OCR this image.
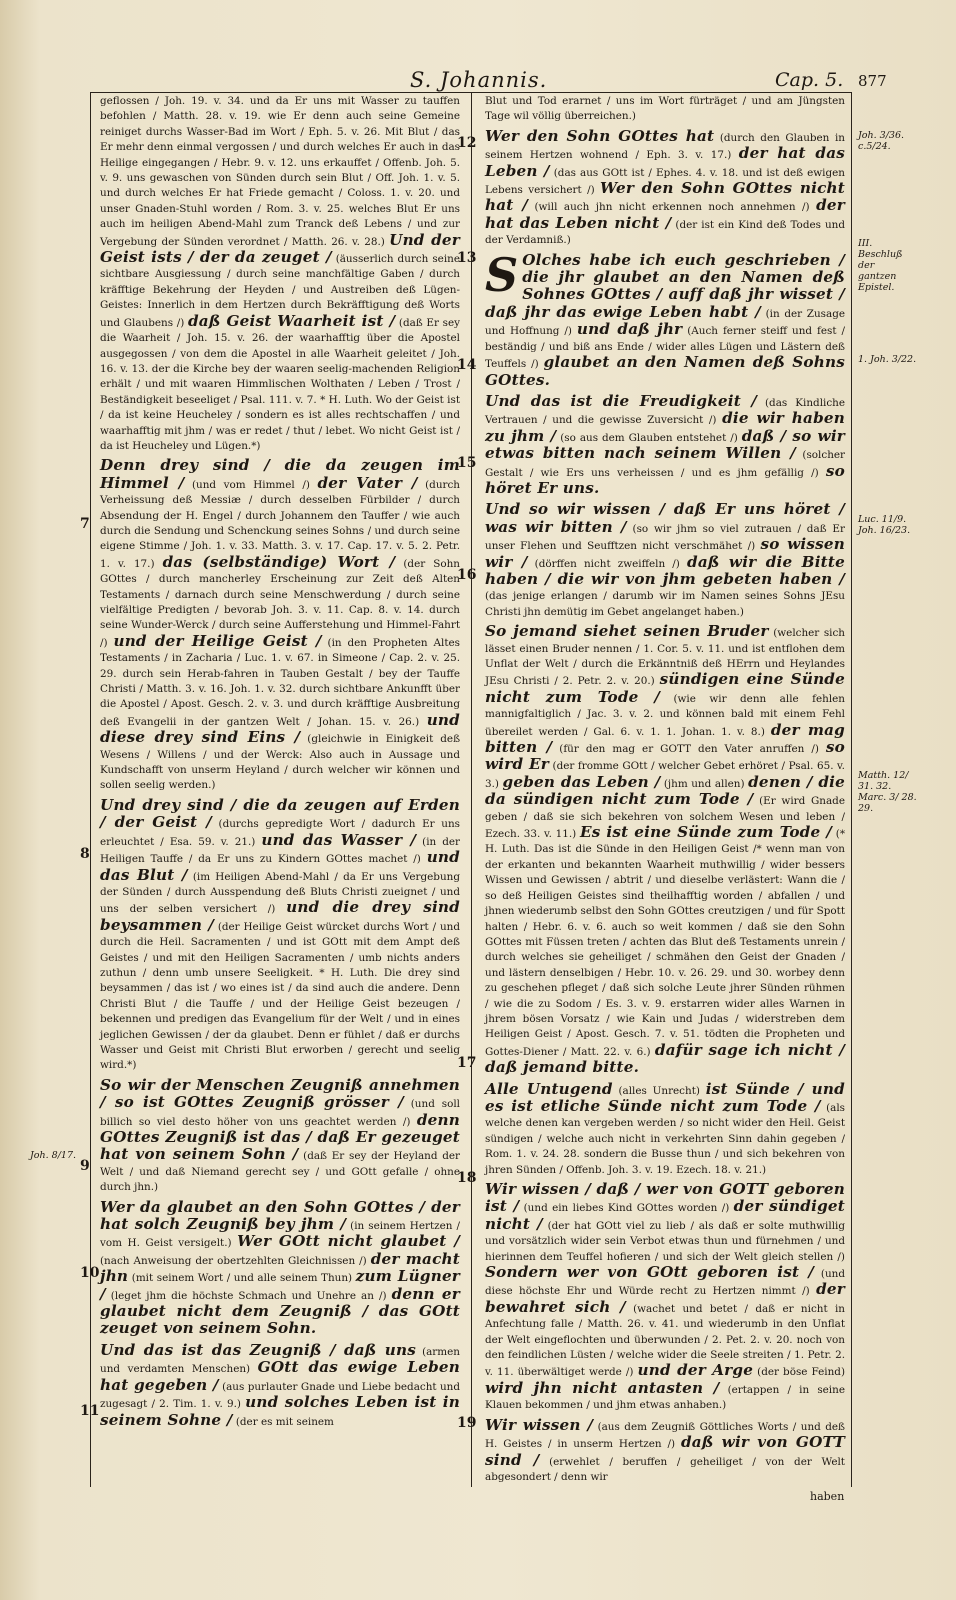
S. Johannis.	Cap. 5. 877
7
8
9
10
11
12
13
14
15
16
17
18
19
Joh. 3/36. c.5/24.
III. Beschluß der gantzen Epistel.
1. Joh. 3/22.
Luc. 11/9. Joh. 16/23.
Matth. 12/ 31. 32. Marc. 3/ 28. 29.
Joh. 8/17.

geflossen / Joh. 19. v. 34. und da Er uns mit Wasser zu tauffen befohlen / Matth. 28. v. 19. wie Er denn auch seine Gemeine reiniget durchs Wasser-Bad im Wort / Eph. 5. v. 26. Mit Blut / das Er mehr denn einmal vergossen / und durch welches Er auch in das Heilige eingegangen / Hebr. 9. v. 12. uns erkauffet / Offenb. Joh. 5. v. 9. uns gewaschen von Sünden durch sein Blut / Off. Joh. 1. v. 5. und durch welches Er hat Friede gemacht / Coloss. 1. v. 20. und unser Gnaden-Stuhl worden / Rom. 3. v. 25. welches Blut Er uns auch im heiligen Abend-Mahl zum Tranck deß Lebens / und zur Vergebung der Sünden verordnet / Matth. 26. v. 28.) Und der Geist ists / der da zeuget / (äusserlich durch seine sichtbare Ausgiessung / durch seine manchfältige Gaben / durch kräfftige Bekehrung der Heyden / und Austreiben deß Lügen-Geistes: Innerlich in dem Hertzen durch Bekräfftigung deß Worts und Glaubens /) daß Geist Waarheit ist / (daß Er sey die Waarheit / Joh. 15. v. 26. der waarhafftig über die Apostel ausgegossen / von dem die Apostel in alle Waarheit geleitet / Joh. 16. v. 13. der die Kirche bey der waaren seelig-machenden Religion erhält / und mit waaren Himmlischen Wolthaten / Leben / Trost / Beständigkeit beseeliget / Psal. 111. v. 7. * H. Luth. Wo der Geist ist / da ist keine Heucheley / sondern es ist alles rechtschaffen / und waarhafftig mit jhm / was er redet / thut / lebet. Wo nicht Geist ist / da ist Heucheley und Lügen.*)

Denn drey sind / die da zeugen im Himmel / (und vom Himmel /) der Vater / (durch Verheissung deß Messiæ / durch desselben Fürbilder / durch Absendung der H. Engel / durch Johannem den Tauffer / wie auch durch die Sendung und Schenckung seines Sohns / und durch seine eigene Stimme / Joh. 1. v. 33. Matth. 3. v. 17. Cap. 17. v. 5. 2. Petr. 1. v. 17.) das (selbständige) Wort / (der Sohn GOttes / durch mancherley Erscheinung zur Zeit deß Alten Testaments / darnach durch seine Menschwerdung / durch seine vielfältige Predigten / bevorab Joh. 3. v. 11. Cap. 8. v. 14. durch seine Wunder-Werck / durch seine Aufferstehung und Himmel-Fahrt /) und der Heilige Geist / (in den Propheten Altes Testaments / in Zacharia / Luc. 1. v. 67. in Simeone / Cap. 2. v. 25. 29. durch sein Herab-fahren in Tauben Gestalt / bey der Tauffe Christi / Matth. 3. v. 16. Joh. 1. v. 32. durch sichtbare Ankunfft über die Apostel / Apost. Gesch. 2. v. 3. und durch kräfftige Ausbreitung deß Evangelii in der gantzen Welt / Johan. 15. v. 26.) und diese drey sind Eins / (gleichwie in Einigkeit deß Wesens / Willens / und der Werck: Also auch in Aussage und Kundschafft von unserm Heyland / durch welcher wir können und sollen seelig werden.)

Und drey sind / die da zeugen auf Erden / der Geist / (durchs gepredigte Wort / dadurch Er uns erleuchtet / Esa. 59. v. 21.) und das Wasser / (in der Heiligen Tauffe / da Er uns zu Kindern GOttes machet /) und das Blut / (im Heiligen Abend-Mahl / da Er uns Vergebung der Sünden / durch Ausspendung deß Bluts Christi zueignet / und uns der selben versichert /) und die drey sind beysammen / (der Heilige Geist würcket durchs Wort / und durch die Heil. Sacramenten / und ist GOtt mit dem Ampt deß Geistes / und mit den Heiligen Sacramenten / umb nichts anders zuthun / denn umb unsere Seeligkeit. * H. Luth. Die drey sind beysammen / das ist / wo eines ist / da sind auch die andere. Denn Christi Blut / die Tauffe / und der Heilige Geist bezeugen / bekennen und predigen das Evangelium für der Welt / und in eines jeglichen Gewissen / der da glaubet. Denn er fühlet / daß er durchs Wasser und Geist mit Christi Blut erworben / gerecht und seelig wird.*)

So wir der Menschen Zeugniß annehmen / so ist GOttes Zeugniß grösser / (und soll billich so viel desto höher von uns geachtet werden /) denn GOttes Zeugniß ist das / daß Er gezeuget hat von seinem Sohn / (daß Er sey der Heyland der Welt / und daß Niemand gerecht sey / und GOtt gefalle / ohne durch jhn.)

Wer da glaubet an den Sohn GOttes / der hat solch Zeugniß bey jhm / (in seinem Hertzen / vom H. Geist versigelt.) Wer GOtt nicht glaubet / (nach Anweisung der obertzehlten Gleichnissen /) der macht jhn (mit seinem Wort / und alle seinem Thun) zum Lügner / (leget jhm die höchste Schmach und Unehre an /) denn er glaubet nicht dem Zeugniß / das GOtt zeuget von seinem Sohn.

Und das ist das Zeugniß / daß uns (armen und verdamten Menschen) GOtt das ewige Leben hat gegeben / (aus purlauter Gnade und Liebe bedacht und zugesagt / 2. Tim. 1. v. 9.) und solches Leben ist in seinem Sohne / (der es mit seinem

Blut und Tod erarnet / uns im Wort fürträget / und am Jüngsten Tage wil völlig überreichen.)

Wer den Sohn GOttes hat (durch den Glauben in seinem Hertzen wohnend / Eph. 3. v. 17.) der hat das Leben / (das aus GOtt ist / Ephes. 4. v. 18. und ist deß ewigen Lebens versichert /) Wer den Sohn GOttes nicht hat / (will auch jhn nicht erkennen noch annehmen /) der hat das Leben nicht / (der ist ein Kind deß Todes und der Verdamniß.)

S Olches habe ich euch geschrieben / die jhr glaubet an den Namen deß Sohnes GOttes / auff daß jhr wisset / daß jhr das ewige Leben habt / (in der Zusage und Hoffnung /) und daß jhr (Auch ferner steiff und fest / beständig / und biß ans Ende / wider alles Lügen und Lästern deß Teuffels /) glaubet an den Namen deß Sohns GOttes.

Und das ist die Freudigkeit / (das Kindliche Vertrauen / und die gewisse Zuversicht /) die wir haben zu jhm / (so aus dem Glauben entstehet /) daß / so wir etwas bitten nach seinem Willen / (solcher Gestalt / wie Ers uns verheissen / und es jhm gefällig /) so höret Er uns.

Und so wir wissen / daß Er uns höret / was wir bitten / (so wir jhm so viel zutrauen / daß Er unser Flehen und Seufftzen nicht verschmähet /) so wissen wir / (dörffen nicht zweiffeln /) daß wir die Bitte haben / die wir von jhm gebeten haben / (das jenige erlangen / darumb wir im Namen seines Sohns JEsu Christi jhn demütig im Gebet angelanget haben.)

So jemand siehet seinen Bruder (welcher sich lässet einen Bruder nennen / 1. Cor. 5. v. 11. und ist entflohen dem Unflat der Welt / durch die Erkänntniß deß HErrn und Heylandes JEsu Christi / 2. Petr. 2. v. 20.) sündigen eine Sünde nicht zum Tode / (wie wir denn alle fehlen mannigfaltiglich / Jac. 3. v. 2. und können bald mit einem Fehl übereilet werden / Gal. 6. v. 1. 1. Johan. 1. v. 8.) der mag bitten / (für den mag er GOTT den Vater anruffen /) so wird Er (der fromme GOtt / welcher Gebet erhöret / Psal. 65. v. 3.) geben das Leben / (jhm und allen) denen / die da sündigen nicht zum Tode / (Er wird Gnade geben / daß sie sich bekehren von solchem Wesen und leben / Ezech. 33. v. 11.) Es ist eine Sünde zum Tode / (* H. Luth. Das ist die Sünde in den Heiligen Geist /* wenn man von der erkanten und bekannten Waarheit muthwillig / wider bessers Wissen und Gewissen / abtrit / und dieselbe verlästert: Wann die / so deß Heiligen Geistes sind theilhafftig worden / abfallen / und jhnen wiederumb selbst den Sohn GOttes creutzigen / und für Spott halten / Hebr. 6. v. 6. auch so weit kommen / daß sie den Sohn GOttes mit Füssen treten / achten das Blut deß Testaments unrein / durch welches sie geheiliget / schmähen den Geist der Gnaden / und lästern denselbigen / Hebr. 10. v. 26. 29. und 30. worbey denn zu geschehen pfleget / daß sich solche Leute jhrer Sünden rühmen / wie die zu Sodom / Es. 3. v. 9. erstarren wider alles Warnen in jhrem bösen Vorsatz / wie Kain und Judas / widerstreben dem Heiligen Geist / Apost. Gesch. 7. v. 51. tödten die Propheten und Gottes-Diener / Matt. 22. v. 6.) dafür sage ich nicht / daß jemand bitte.

Alle Untugend (alles Unrecht) ist Sünde / und es ist etliche Sünde nicht zum Tode / (als welche denen kan vergeben werden / so nicht wider den Heil. Geist sündigen / welche auch nicht in verkehrten Sinn dahin gegeben / Rom. 1. v. 24. 28. sondern die Busse thun / und sich bekehren von jhren Sünden / Offenb. Joh. 3. v. 19. Ezech. 18. v. 21.)

Wir wissen / daß / wer von GOTT geboren ist / (und ein liebes Kind GOttes worden /) der sündiget nicht / (der hat GOtt viel zu lieb / als daß er solte muthwillig und vorsätzlich wider sein Verbot etwas thun und fürnehmen / und hierinnen dem Teuffel hofieren / und sich der Welt gleich stellen /) Sondern wer von GOtt geboren ist / (und diese höchste Ehr und Würde recht zu Hertzen nimmt /) der bewahret sich / (wachet und betet / daß er nicht in Anfechtung falle / Matth. 26. v. 41. und wiederumb in den Unflat der Welt eingeflochten und überwunden / 2. Pet. 2. v. 20. noch von den feindlichen Lüsten / welche wider die Seele streiten / 1. Petr. 2. v. 11. überwältiget werde /) und der Arge (der böse Feind) wird jhn nicht antasten / (ertappen / in seine Klauen bekommen / und jhm etwas anhaben.)

Wir wissen / (aus dem Zeugniß Göttliches Worts / und deß H. Geistes / in unserm Hertzen /) daß wir von GOTT sind / (erwehlet / beruffen / geheiliget / von der Welt abgesondert / denn wir

haben
